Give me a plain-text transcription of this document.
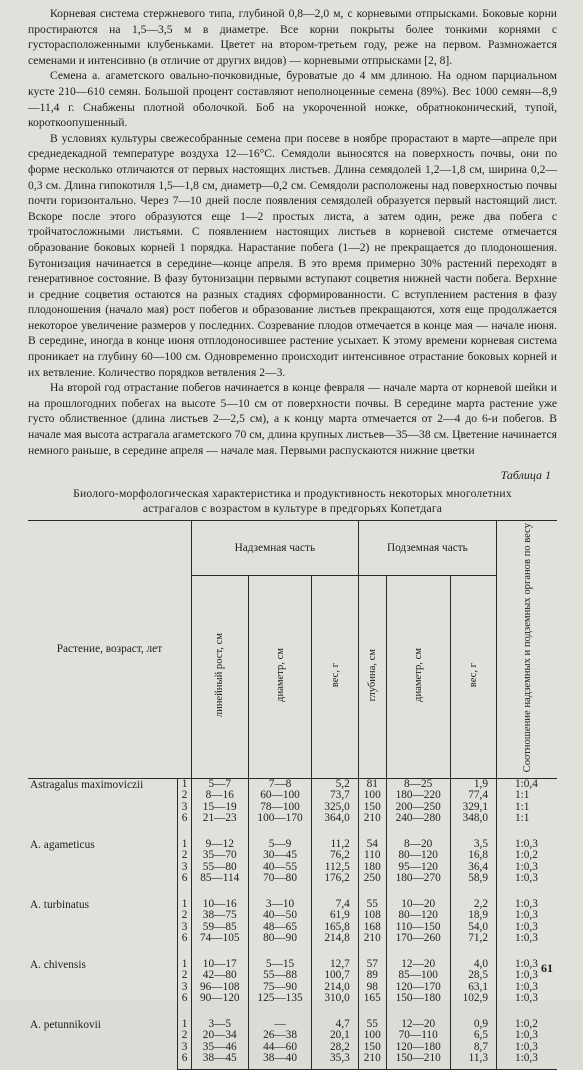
Корневая система стержневого типа, глубиной 0,8—2,0 м, с корневыми отпрысками. Боковые корни простираются на 1,5—3,5 м в диаметре. Все корни покрыты более тонкими корнями с густорасположенными клубеньками. Цветет на втором-третьем году, реже на первом. Размножается семенами и интенсивно (в отличие от других видов) — корневыми отпрысками [2, 8].

Семена а. агаметского овально-почковидные, буроватые до 4 мм длиною. На одном парциальном кусте 210—610 семян. Большой процент составляют неполноценные семена (89%). Вес 1000 семян—8,9—11,4 г. Снабжены плотной оболочкой. Боб на укороченной ножке, обратноконический, тупой, короткоопушенный.

В условиях культуры свежесобранные семена при посеве в ноябре прорастают в марте—апреле при среднедекадной температуре воздуха 12—16°С. Семядоли выносятся на поверхность почвы, они по форме несколько отличаются от первых настоящих листьев. Длина семядолей 1,2—1,8 см, ширина 0,2—0,3 см. Длина гипокотиля 1,5—1,8 см, диаметр—0,2 см. Семядоли расположены над поверхностью почвы почти горизонтально. Через 7—10 дней после появления семядолей образуется первый настоящий лист. Вскоре после этого образуются еще 1—2 простых листа, а затем один, реже два побега с тройчатосложными листьями. С появлением настоящих листьев в корневой системе отмечается образование боковых корней 1 порядка. Нарастание побега (1—2) не прекращается до плодоношения. Бутонизация начинается в середине—конце апреля. В это время примерно 30% растений переходят в генеративное состояние. В фазу бутонизации первыми вступают соцветия нижней части побега. Верхние и средние соцветия остаются на разных стадиях сформированности. С вступлением растения в фазу плодоношения (начало мая) рост побегов и образование листьев прекращаются, хотя еще продолжается некоторое увеличение размеров у последних. Созревание плодов отмечается в конце мая — начале июня. В середине, иногда в конце июня отплодоносившее растение усыхает. К этому времени корневая система проникает на глубину 60—100 см. Одновременно происходит интенсивное отрастание боковых корней и их ветвление. Количество порядков ветвления 2—3.

На второй год отрастание побегов начинается в конце февраля — начале марта от корневой шейки и на прошлогодних побегах на высоте 5—10 см от поверхности почвы. В середине марта растение уже густо облиственное (длина листьев 2—2,5 см), а к концу марта отмечается от 2—4 до 6-и побегов. В начале мая высота астрагала агаметского 70 см, длина крупных листьев—35—38 см. Цветение начинается немного раньше, в середине апреля — начале мая. Первыми распускаются нижние цветки

Таблица 1
Биолого-морфологическая характеристика и продуктивность некоторых многолетних
астрагалов с возрастом в культуре в предгорьях Копетдага
Растение, возраст, лет		Надземная часть			Подземная часть			Соотношение надземных и подземных органов по весу
		линейный рост, см	диаметр, см	вес, г	глубина, см	диаметр, см	вес, г	
Astragalus maximoviczii	1	5—7	7—8	5,2	81	8—25	1,9	1:0,4
	2	8—16	60—100	73,7	100	180—220	77,4	1:1
	3	15—19	78—100	325,0	150	200—250	329,1	1:1
	6	21—23	100—170	364,0	210	240—280	348,0	1:1
A. agameticus	1	9—12	5—9	11,2	54	8—20	3,5	1:0,3
	2	35—70	30—45	76,2	110	80—120	16,8	1:0,2
	3	55—80	40—55	112,5	180	95—120	36,4	1:0,3
	6	85—114	70—80	176,2	250	180—270	58,9	1:0,3
A. turbinatus	1	10—16	3—10	7,4	55	10—20	2,2	1:0,3
	2	38—75	40—50	61,9	108	80—120	18,9	1:0,3
	3	59—85	48—65	165,8	168	110—150	54,0	1:0,3
	6	74—105	80—90	214,8	210	170—260	71,2	1:0,3
A. chivensis	1	10—17	5—15	12,7	57	12—20	4,0	1:0,3
	2	42—80	55—88	100,7	89	85—100	28,5	1:0,3
	3	96—108	75—90	214,0	98	120—170	63,1	1:0,3
	6	90—120	125—135	310,0	165	150—180	102,9	1:0,3
A. petunnikovii	1	3—5	—	4,7	55	12—20	0,9	1:0,2
	2	20—34	26—38	20,1	100	70—110	6,5	1:0,3
	3	35—46	44—60	28,2	150	120—180	8,7	1:0,3
	6	38—45	38—40	35,3	210	150—210	11,3	1:0,3
61
